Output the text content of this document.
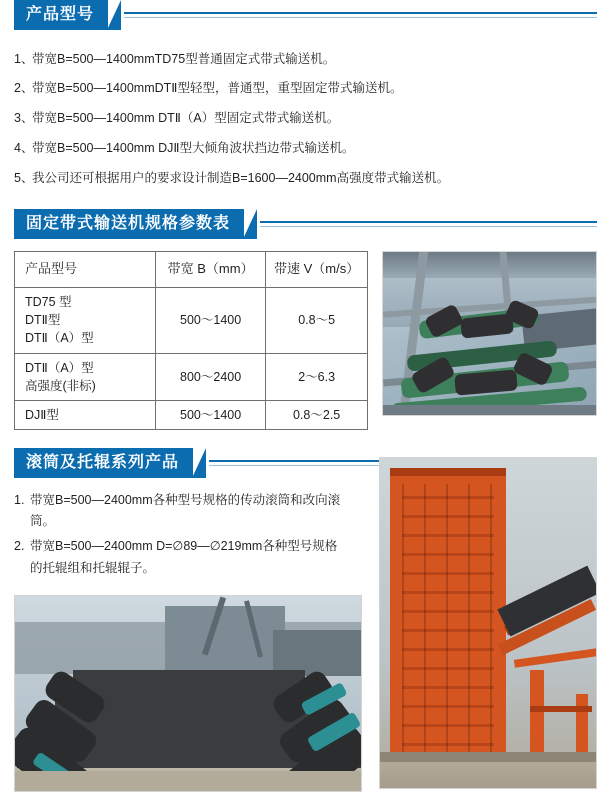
产品型号
1、
带宽B=500—1400mmTD75型普通固定式带式输送机。
2、
带宽B=500—1400mmDTⅡ型轻型，普通型，重型固定带式输送机。
3、
带宽B=500—1400mm DTⅡ（A）型固定式带式输送机。
4、
带宽B=500—1400mm DJⅡ型大倾角波状挡边带式输送机。
5、
我公司还可根据用户的要求设计制造B=1600—2400mm高强度带式输送机。
固定带式输送机规格参数表
产品型号	带宽 B（mm）	带速 V（m/s）

TD75 型
DTⅡ型
DTⅡ（A）型	500～1400	0.8～5

DTⅡ（A）型
高强度(非标)	800～2400	2～6.3

DJⅡ型	500～1400	0.8～2.5
滚筒及托辊系列产品
1. 带宽B=500—2400mm各种型号规格的传动滚筒和改向滚筒。
2. 带宽B=500—2400mm D=∅89—∅219mm各种型号规格的托辊组和托辊辊子。
